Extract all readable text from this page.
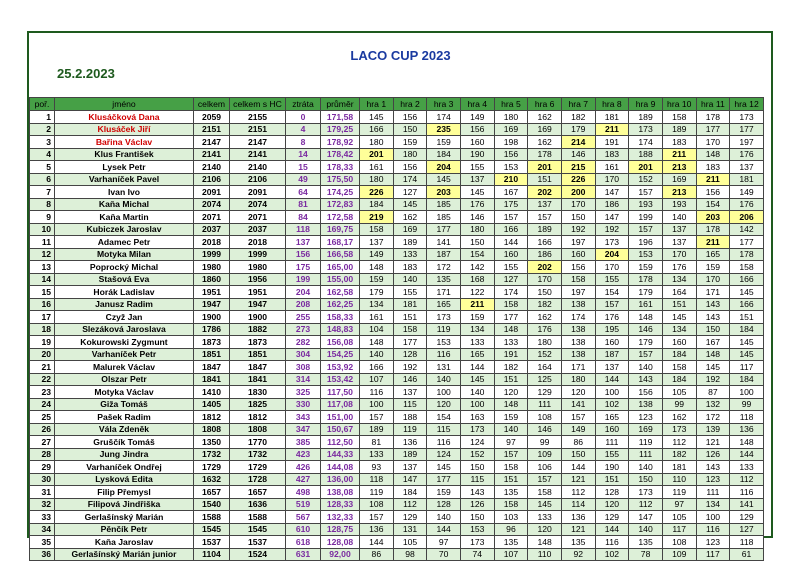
LACO CUP 2023
25.2.2023
poř.	jméno	celkem	celkem s HC	ztráta	průměr	hra 1	hra 2	hra 3	hra 4	hra 5	hra 6	hra 7	hra 8	hra 9	hra 10	hra 11	hra 12
1	Klusáčková Dana	2059	2155	0	171,58	145	156	174	149	180	162	182	181	189	158	178	173
2	Klusáček Jiří	2151	2151	4	179,25	166	150	235	156	169	169	179	211	173	189	177	177
3	Bařina Václav	2147	2147	8	178,92	180	159	159	160	198	162	214	191	174	183	170	197
4	Klus František	2141	2141	14	178,42	201	180	184	190	156	178	146	183	188	211	148	176
5	Lysek Petr	2140	2140	15	178,33	161	156	204	155	153	201	215	161	201	213	183	137
6	Varhaníček Pavel	2106	2106	49	175,50	180	174	145	137	210	151	226	170	152	169	211	181
7	Ivan Ivo	2091	2091	64	174,25	226	127	203	145	167	202	200	147	157	213	156	149
8	Kaňa Michal	2074	2074	81	172,83	184	145	185	176	175	137	170	186	193	193	154	176
9	Kaňa Martin	2071	2071	84	172,58	219	162	185	146	157	157	150	147	199	140	203	206
10	Kubiczek Jaroslav	2037	2037	118	169,75	158	169	177	180	166	189	192	192	157	137	178	142
11	Adamec Petr	2018	2018	137	168,17	137	189	141	150	144	166	197	173	196	137	211	177
12	Motyka Milan	1999	1999	156	166,58	149	133	187	154	160	186	160	204	153	170	165	178
13	Poprocký Michal	1980	1980	175	165,00	148	183	172	142	155	202	156	170	159	176	159	158
14	Stašová Eva	1860	1956	199	155,00	159	140	135	168	127	170	158	155	178	134	170	166
15	Horák Ladislav	1951	1951	204	162,58	179	155	171	122	174	150	197	154	179	164	171	145
16	Janusz Radim	1947	1947	208	162,25	134	181	165	211	158	182	138	157	161	151	143	166
17	Czyž Jan	1900	1900	255	158,33	161	151	173	159	177	162	174	176	148	145	143	151
18	Slezáková Jaroslava	1786	1882	273	148,83	104	158	119	134	148	176	138	195	146	134	150	184
19	Kokurowski Zygmunt	1873	1873	282	156,08	148	177	153	133	133	180	138	160	179	160	167	145
20	Varhaníček Petr	1851	1851	304	154,25	140	128	116	165	191	152	138	187	157	184	148	145
21	Malurek Václav	1847	1847	308	153,92	166	192	131	144	182	164	171	137	140	158	145	117
22	Olszar Petr	1841	1841	314	153,42	107	146	140	145	151	125	180	144	143	184	192	184
23	Motyka Václav	1410	1830	325	117,50	116	137	100	140	120	129	120	100	156	105	87	100
24	Giža Tomáš	1405	1825	330	117,08	100	115	120	100	148	111	141	102	138	99	132	99
25	Pašek Radim	1812	1812	343	151,00	157	188	154	163	159	108	157	165	123	162	172	118
26	Vála Zdeněk	1808	1808	347	150,67	189	119	115	173	140	146	149	160	169	173	139	136
27	Gruščík Tomáš	1350	1770	385	112,50	81	136	116	124	97	99	86	111	119	112	121	148
28	Jung Jindra	1732	1732	423	144,33	133	189	124	152	157	109	150	155	111	182	126	144
29	Varhaníček Ondřej	1729	1729	426	144,08	93	137	145	150	158	106	144	190	140	181	143	133
30	Lysková Edita	1632	1728	427	136,00	118	147	177	115	151	157	121	151	150	110	123	112
31	Filip Přemysl	1657	1657	498	138,08	119	184	159	143	135	158	112	128	173	119	111	116
32	Filipová Jindřiška	1540	1636	519	128,33	108	112	128	126	158	145	114	120	112	97	134	141
33	Gerlašínský Marián	1588	1588	567	132,33	157	129	140	150	103	133	136	129	147	105	100	129
34	Pěnčík Petr	1545	1545	610	128,75	136	131	144	153	96	120	121	144	140	117	116	127
35	Kaňa Jaroslav	1537	1537	618	128,08	144	105	97	173	135	148	135	116	135	108	123	118
36	Gerlašínský Marián junior	1104	1524	631	92,00	86	98	70	74	107	110	92	102	78	109	117	61
